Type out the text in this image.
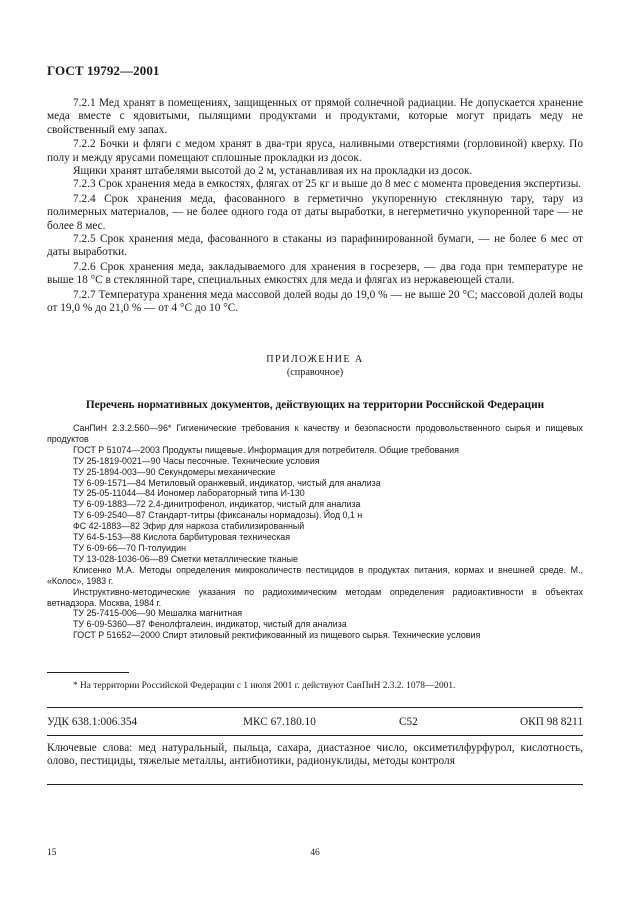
ГОСТ 19792—2001

7.2.1 Мед хранят в помещениях, защищенных от прямой солнечной радиации. Не допускается хранение меда вместе с ядовитыми, пылящими продуктами и продуктами, которые могут придать меду не свойственный ему запах.

7.2.2 Бочки и фляги с медом хранят в два-три яруса, наливными отверстиями (горловиной) кверху. По полу и между ярусами помещают сплошные прокладки из досок.

Ящики хранят штабелями высотой до 2 м, устанавливая их на прокладки из досок.

7.2.3 Срок хранения меда в емкостях, флягах от 25 кг и выше до 8 мес с момента проведения экспертизы.

7.2.4 Срок хранения меда, фасованного в герметично укупоренную стеклянную тару, тару из полимерных материалов, — не более одного года от даты выработки, в негерметично укупоренной таре — не более 8 мес.

7.2.5 Срок хранения меда, фасованного в стаканы из парафинированной бумаги, — не более 6 мес от даты выработки.

7.2.6 Срок хранения меда, закладываемого для хранения в госрезерв, — два года при температуре не выше 18 °С в стеклянной таре, специальных емкостях для меда и флягах из нержавеющей стали.

7.2.7 Температура хранения меда массовой долей воды до 19,0 % — не выше 20 °С; массовой долей воды от 19,0 % до 21,0 % — от 4 °С до 10 °С.

ПРИЛОЖЕНИЕ А
(справочное)
Перечень нормативных документов, действующих на территории Российской Федерации

СанПиН 2.3.2.560—96* Гигиенические требования к качеству и безопасности продовольственного сырья и пищевых продуктов

ГОСТ Р 51074—2003 Продукты пищевые. Информация для потребителя. Общие требования

ТУ 25-1819-0021—90 Часы песочные. Технические условия

ТУ 25-1894-003—90 Секундомеры механические

ТУ 6-09-1571—84 Метиловый оранжевый, индикатор, чистый для анализа

ТУ 25-05-11044—84 Иономер лабораторный типа И-130

ТУ 6-09-1883—72 2.4-динитрофенол, индикатор, чистый для анализа

ТУ 6-09-2540—87 Стандарт-титры (фиксаналы нормадозы). Йод 0,1 н

ФС 42-1883—82 Эфир для наркоза стабилизированный

ТУ 64-5-153—88 Кислота барбитуровая техническая

ТУ 6-09-66—70 П-толуидин

ТУ 13-028-1036-06—89 Сметки металлические тканые

Клисенко М.А. Методы определения микроколичеств пестицидов в продуктах питания, кормах и внешней среде. М., «Колос», 1983 г.

Инструктивно-методические указания по радиохимическим методам определения радиоактивности в объектах ветнадзора. Москва, 1984 г.

ТУ 25-7415-006—90 Мешалка магнитная

ТУ 6-09-5360—87 Фенолфталеин, индикатор, чистый для анализа

ГОСТ Р 51652—2000 Спирт этиловый ректификованный из пищевого сырья. Технические условия

* На территории Российской Федерации с 1 июля 2001 г. действуют СанПиН 2.3.2. 1078—2001.
УДК 638.1:006.354	МКС 67.180.10	С52	ОКП 98 8211
Ключевые слова: мед натуральный, пыльца, сахара, диастазное число, оксиметилфурфурол, кислотность, олово, пестициды, тяжелые металлы, антибиотики, радионуклиды, методы контроля
15	46
